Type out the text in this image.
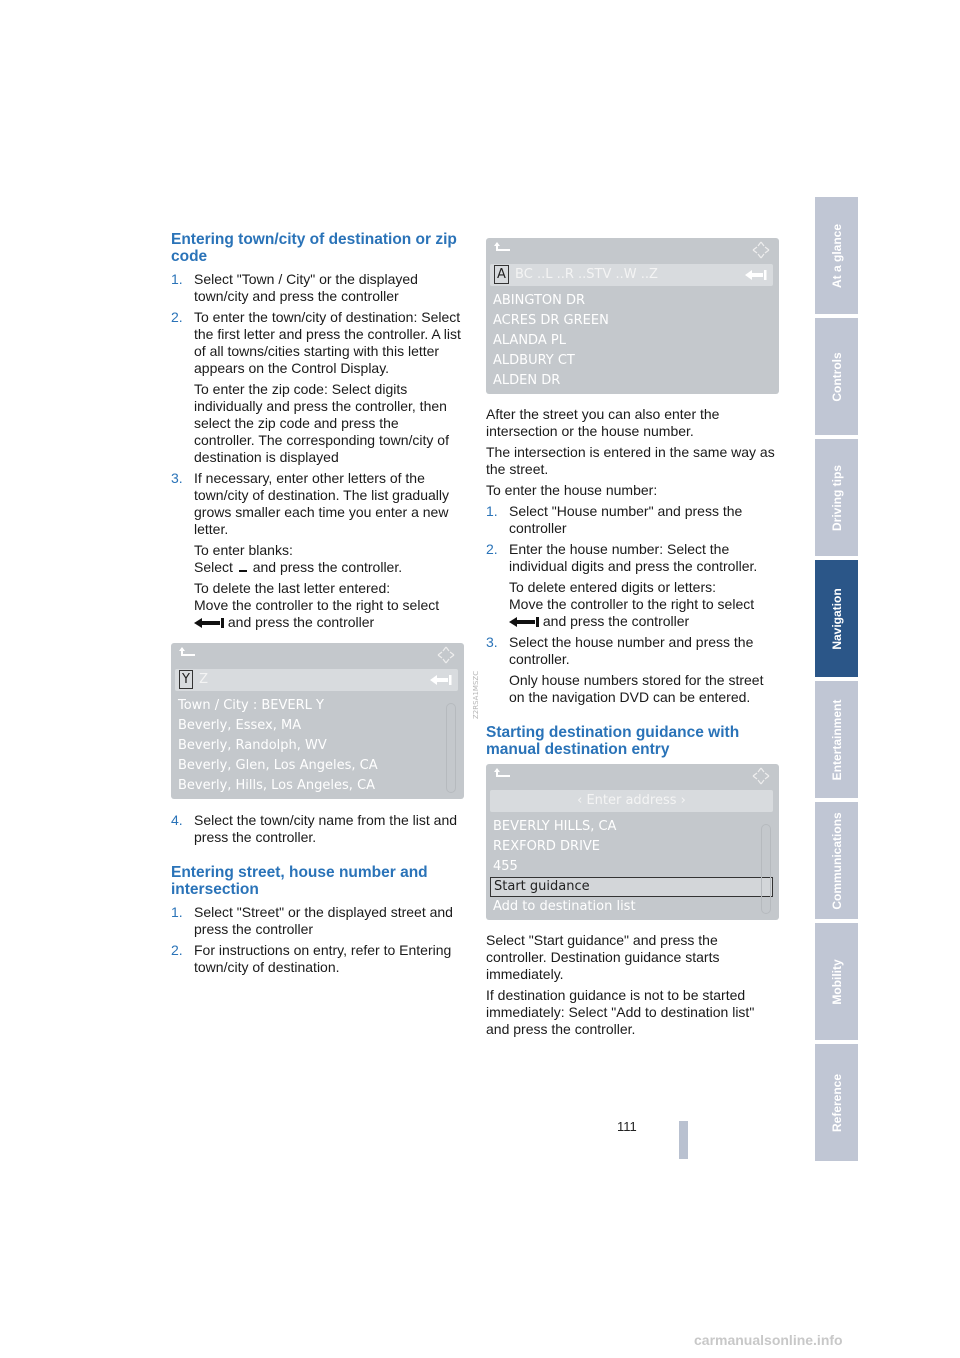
Entering town/city of destination or zip code
1. Select "Town / City" or the displayed town/city and press the controller

2. To enter the town/city of destination: Select the first letter and press the controller. A list of all towns/cities starting with this letter appears on the Control Display.

To enter the zip code: Select digits individually and press the controller, then select the zip code and press the controller. The corresponding town/city of destination is displayed

3. If necessary, enter other letters of the town/city of destination. The list gradually grows smaller each time you enter a new letter.

To enter blanks:

Select and press the controller.

To delete the last letter entered:

Move the controller to the right to select  and press the controller

Y Z
Town / City : BEVERL Y
Beverly, Essex, MA
Beverly, Randolph, WV
Beverly, Glen, Los Angeles, CA
Beverly, Hills, Los Angeles, CA
Z2RSA1MSZC
4. Select the town/city name from the list and press the controller.

Entering street, house number and intersection
1. Select "Street" or the displayed street and press the controller

2. For instructions on entry, refer to Entering town/city of destination.

A BC ..L ..R ..STV ..W ..Z
ABINGTON DR
ACRES DR GREEN
ALANDA PL
ALDBURY CT
ALDEN DR

After the street you can also enter the intersection or the house number.

The intersection is entered in the same way as the street.

To enter the house number:

1. Select "House number" and press the controller

2. Enter the house number: Select the individual digits and press the controller.

To delete entered digits or letters:

Move the controller to the right to select  and press the controller

3. Select the house number and press the controller.

Only house numbers stored for the street on the navigation DVD can be entered.

Starting destination guidance with manual destination entry
‹ Enter address ›
BEVERLY HILLS, CA
REXFORD DRIVE
455
Start guidance
Add to destination list

Select "Start guidance" and press the controller. Destination guidance starts immediately.

If destination guidance is not to be started immediately: Select "Add to destination list" and press the controller.

At a glance
Controls
Driving tips
Navigation
Entertainment
Communications
Mobility
Reference
111
carmanualsonline.info
